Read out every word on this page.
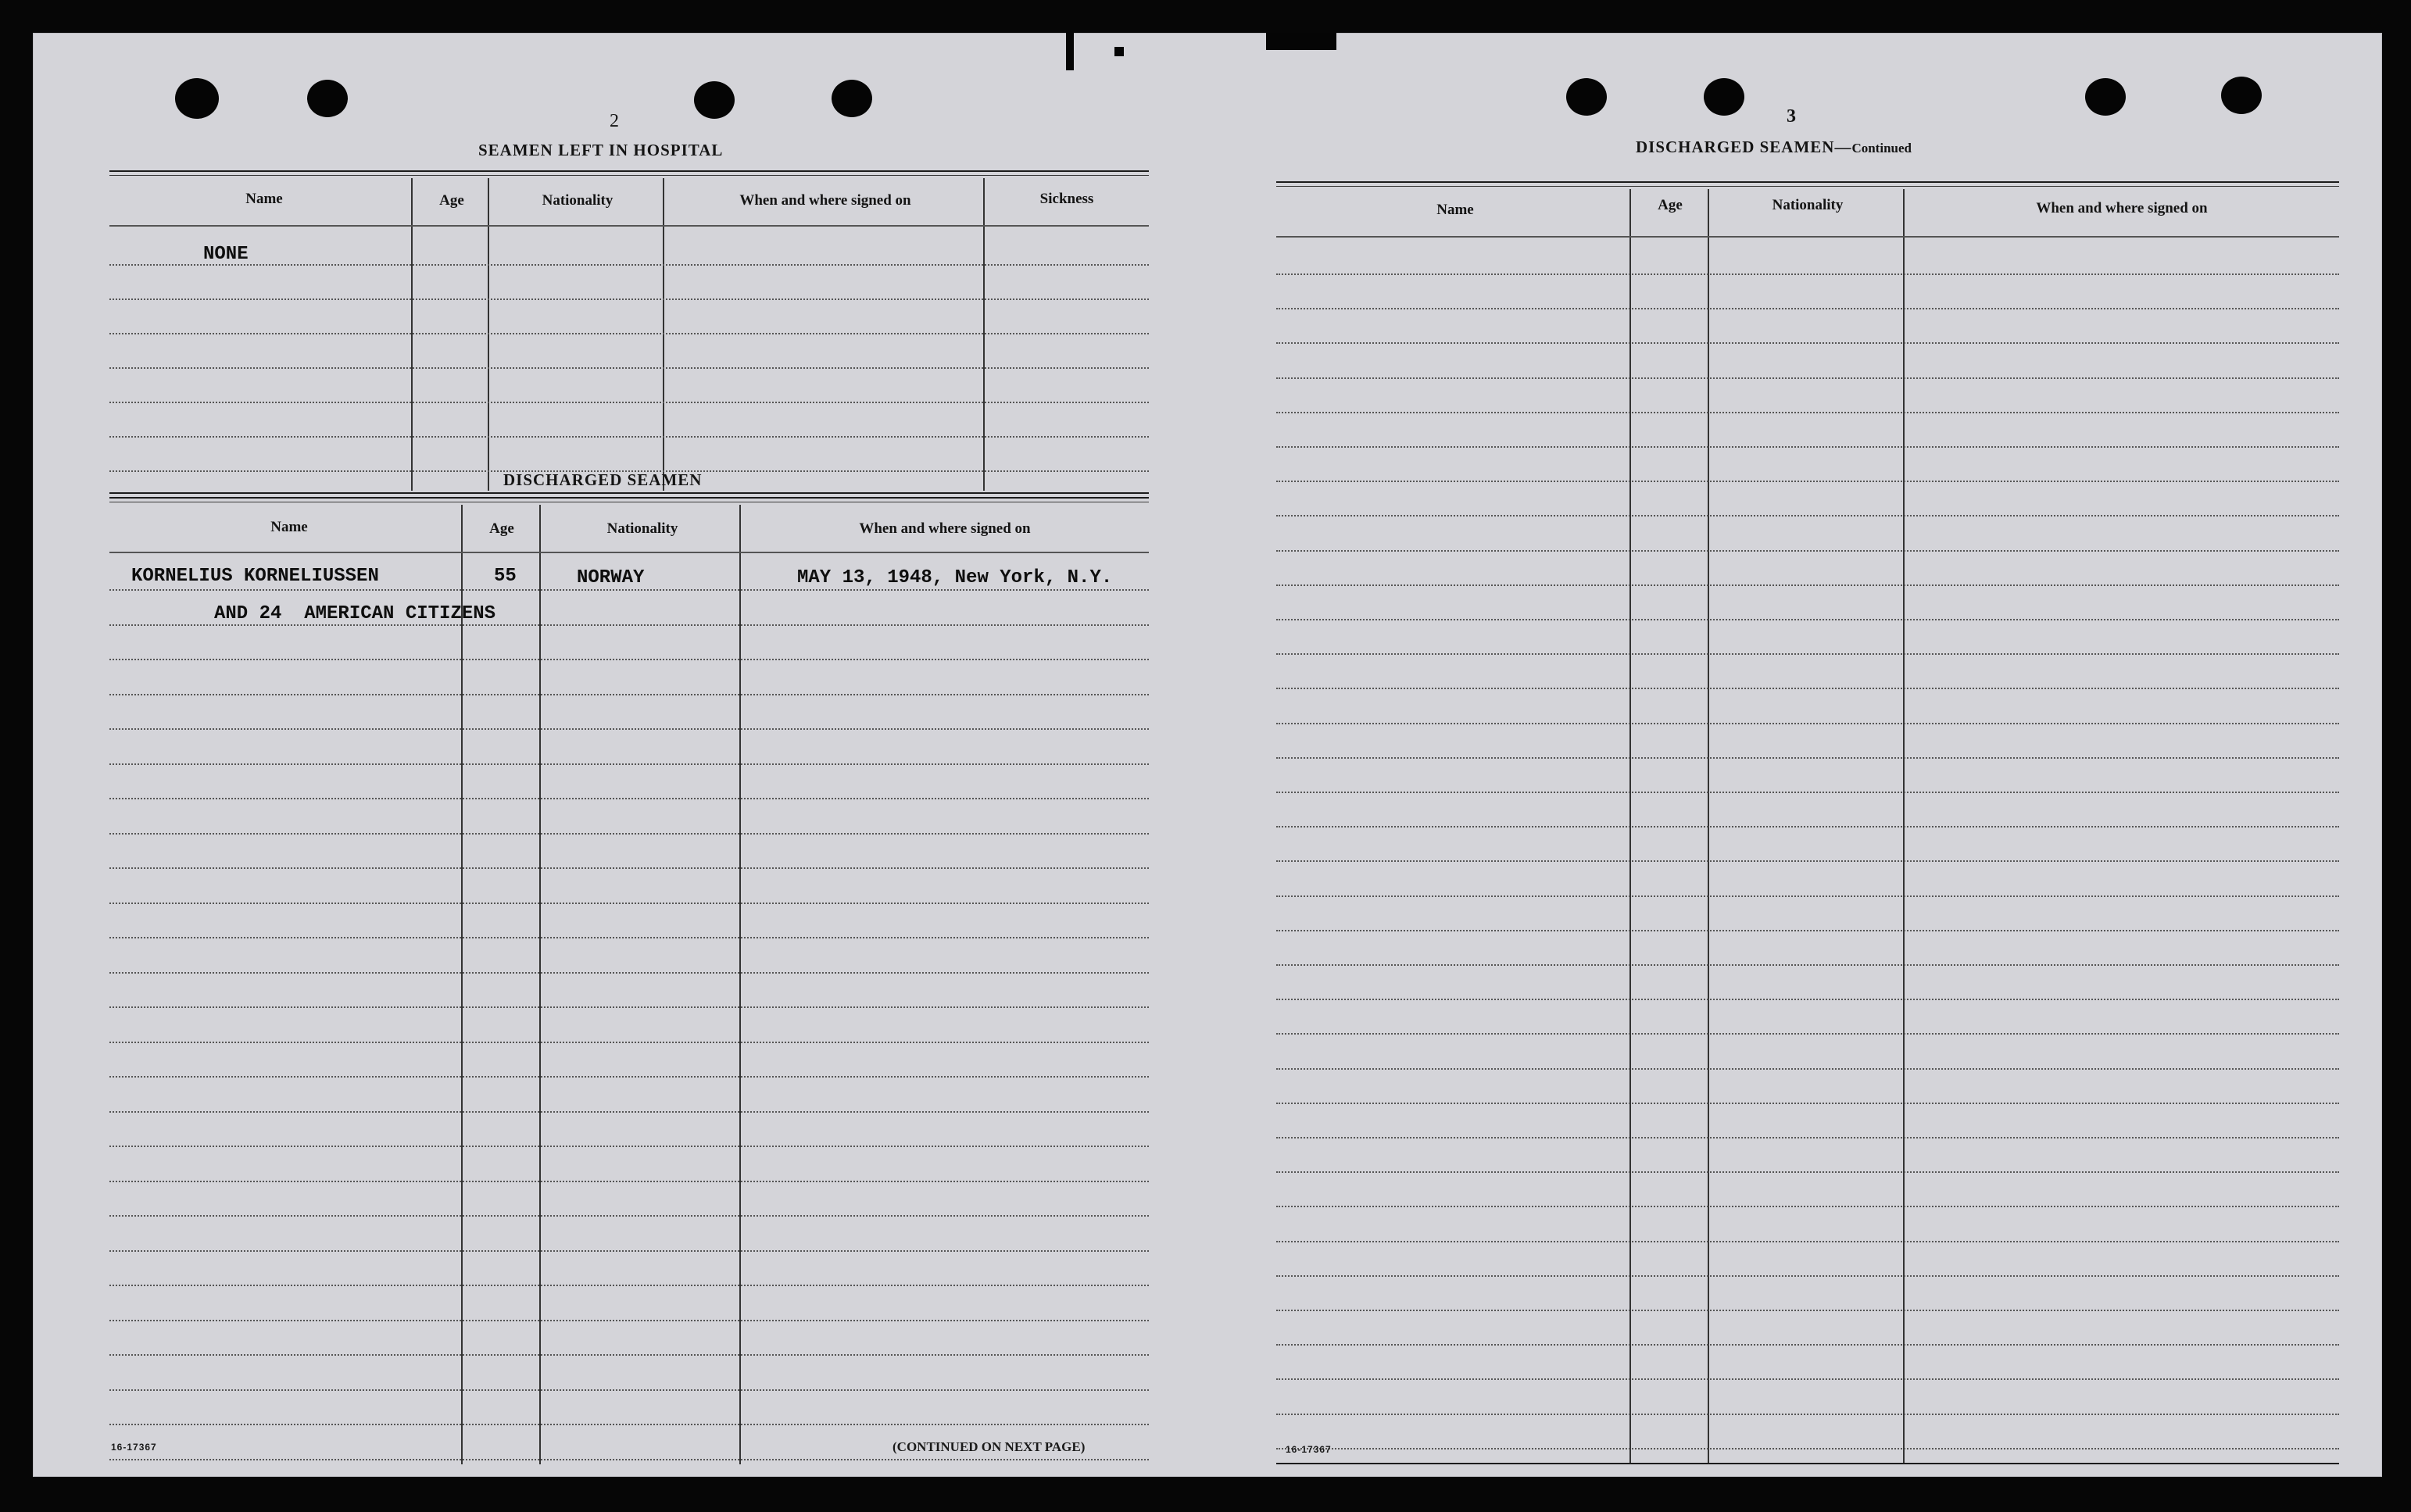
2
SEAMEN LEFT IN HOSPITAL
Name	Age	Nationality	When and where signed on	Sickness
NONE
DISCHARGED SEAMEN
Name	Age	Nationality	When and where signed on
KORNELIUS KORNELIUSSEN	55	NORWAY	MAY 13, 1948, New York, N.Y.
AND 24  AMERICAN CITIZENS
16-17367	(CONTINUED ON NEXT PAGE)
3
DISCHARGED SEAMEN—Continued
Name	Age	Nationality	When and where signed on
16-17367
